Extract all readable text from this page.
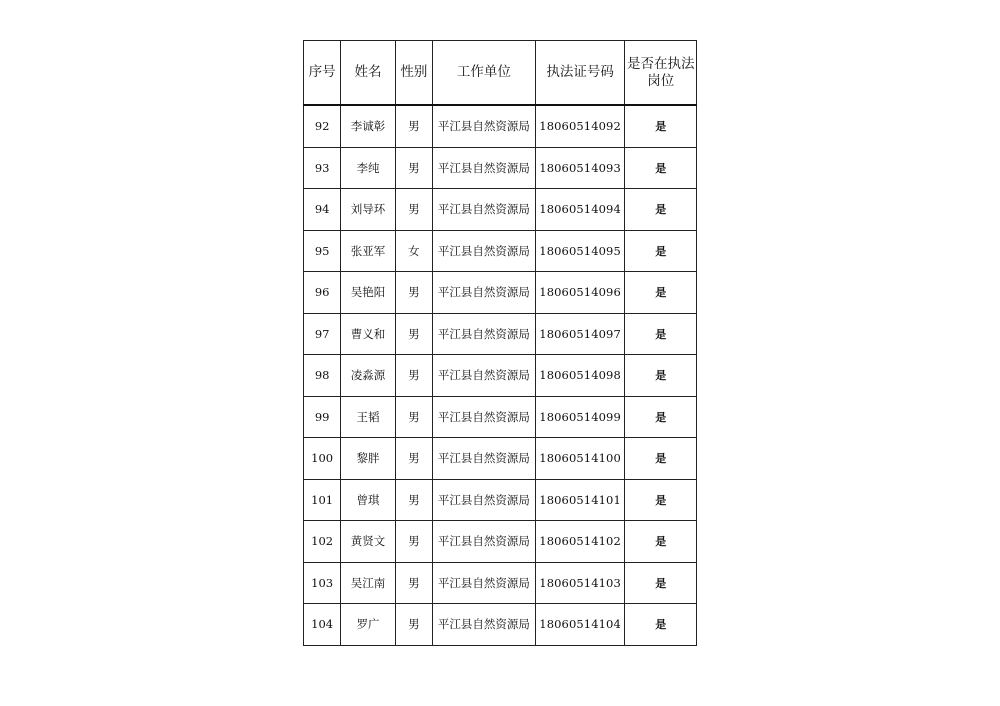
序号	姓名	性别	工作单位	执法证号码	是否在执法岗位
92	李诚彰	男	平江县自然资源局	18060514092	是
93	李纯	男	平江县自然资源局	18060514093	是
94	刘导环	男	平江县自然资源局	18060514094	是
95	张亚军	女	平江县自然资源局	18060514095	是
96	吴艳阳	男	平江县自然资源局	18060514096	是
97	曹义和	男	平江县自然资源局	18060514097	是
98	凌淼源	男	平江县自然资源局	18060514098	是
99	王韬	男	平江县自然资源局	18060514099	是
100	黎胖	男	平江县自然资源局	18060514100	是
101	曾琪	男	平江县自然资源局	18060514101	是
102	黄贤文	男	平江县自然资源局	18060514102	是
103	吴江南	男	平江县自然资源局	18060514103	是
104	罗广	男	平江县自然资源局	18060514104	是
